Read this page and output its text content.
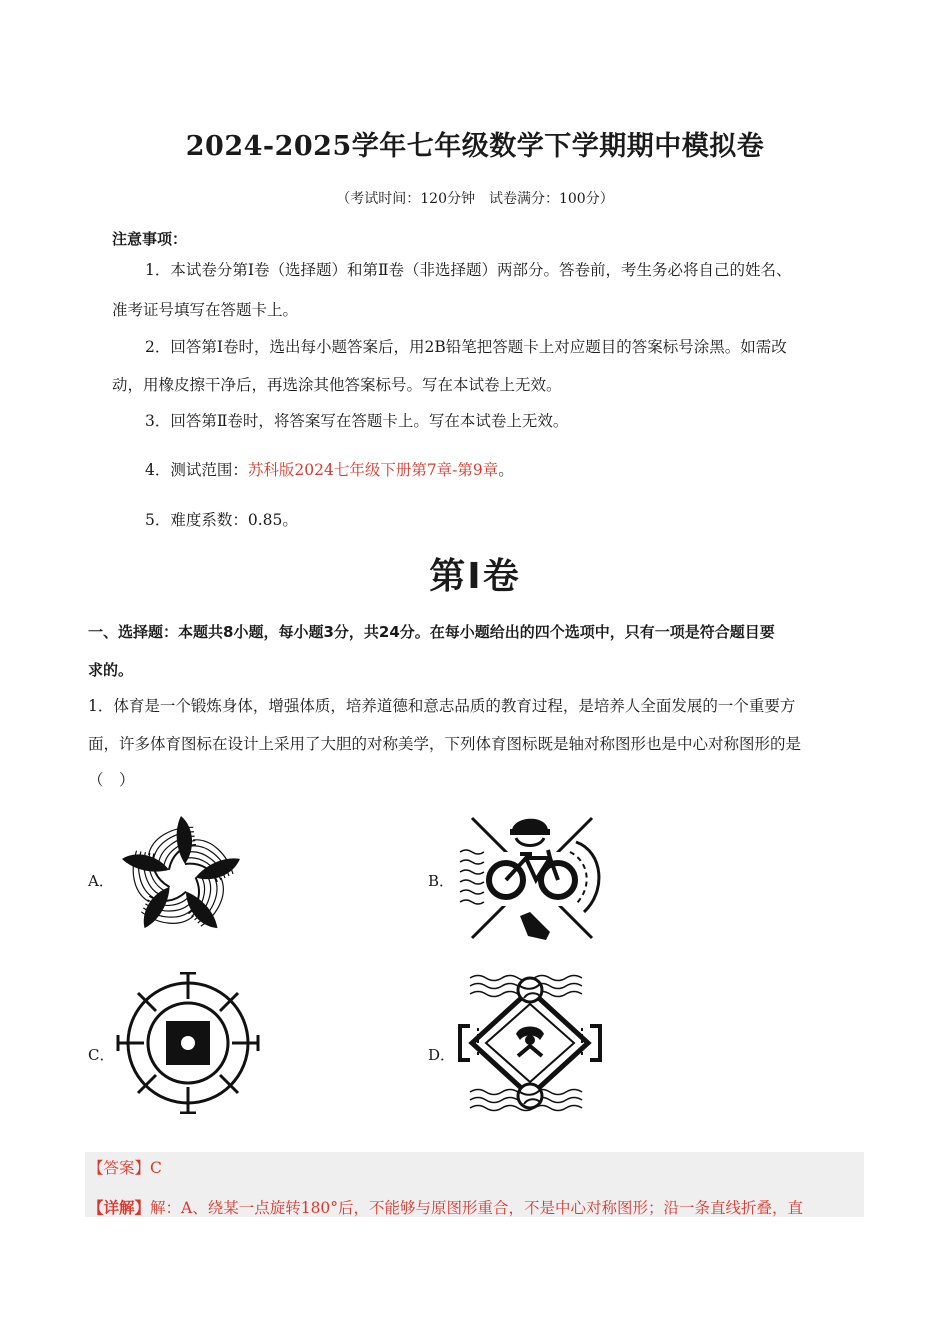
2024-2025学年七年级数学下学期期中模拟卷
（考试时间：120分钟　试卷满分：100分）
注意事项：
1．本试卷分第Ⅰ卷（选择题）和第Ⅱ卷（非选择题）两部分。答卷前，考生务必将自己的姓名、
准考证号填写在答题卡上。
2．回答第Ⅰ卷时，选出每小题答案后，用2B铅笔把答题卡上对应题目的答案标号涂黑。如需改
动，用橡皮擦干净后，再选涂其他答案标号。写在本试卷上无效。
3．回答第Ⅱ卷时，将答案写在答题卡上。写在本试卷上无效。
4．测试范围：苏科版2024七年级下册第7章-第9章。
5．难度系数：0.85。
第Ⅰ卷
一、选择题：本题共8小题，每小题3分，共24分。在每小题给出的四个选项中，只有一项是符合题目要
求的。
1．体育是一个锻炼身体，增强体质，培养道德和意志品质的教育过程，是培养人全面发展的一个重要方
面，许多体育图标在设计上采用了大胆的对称美学，下列体育图标既是轴对称图形也是中心对称图形的是
（　）
A．	B．
C．	D．
【答案】C
【详解】解：A、绕某一点旋转180°后，不能够与原图形重合，不是中心对称图形；沿一条直线折叠，直
